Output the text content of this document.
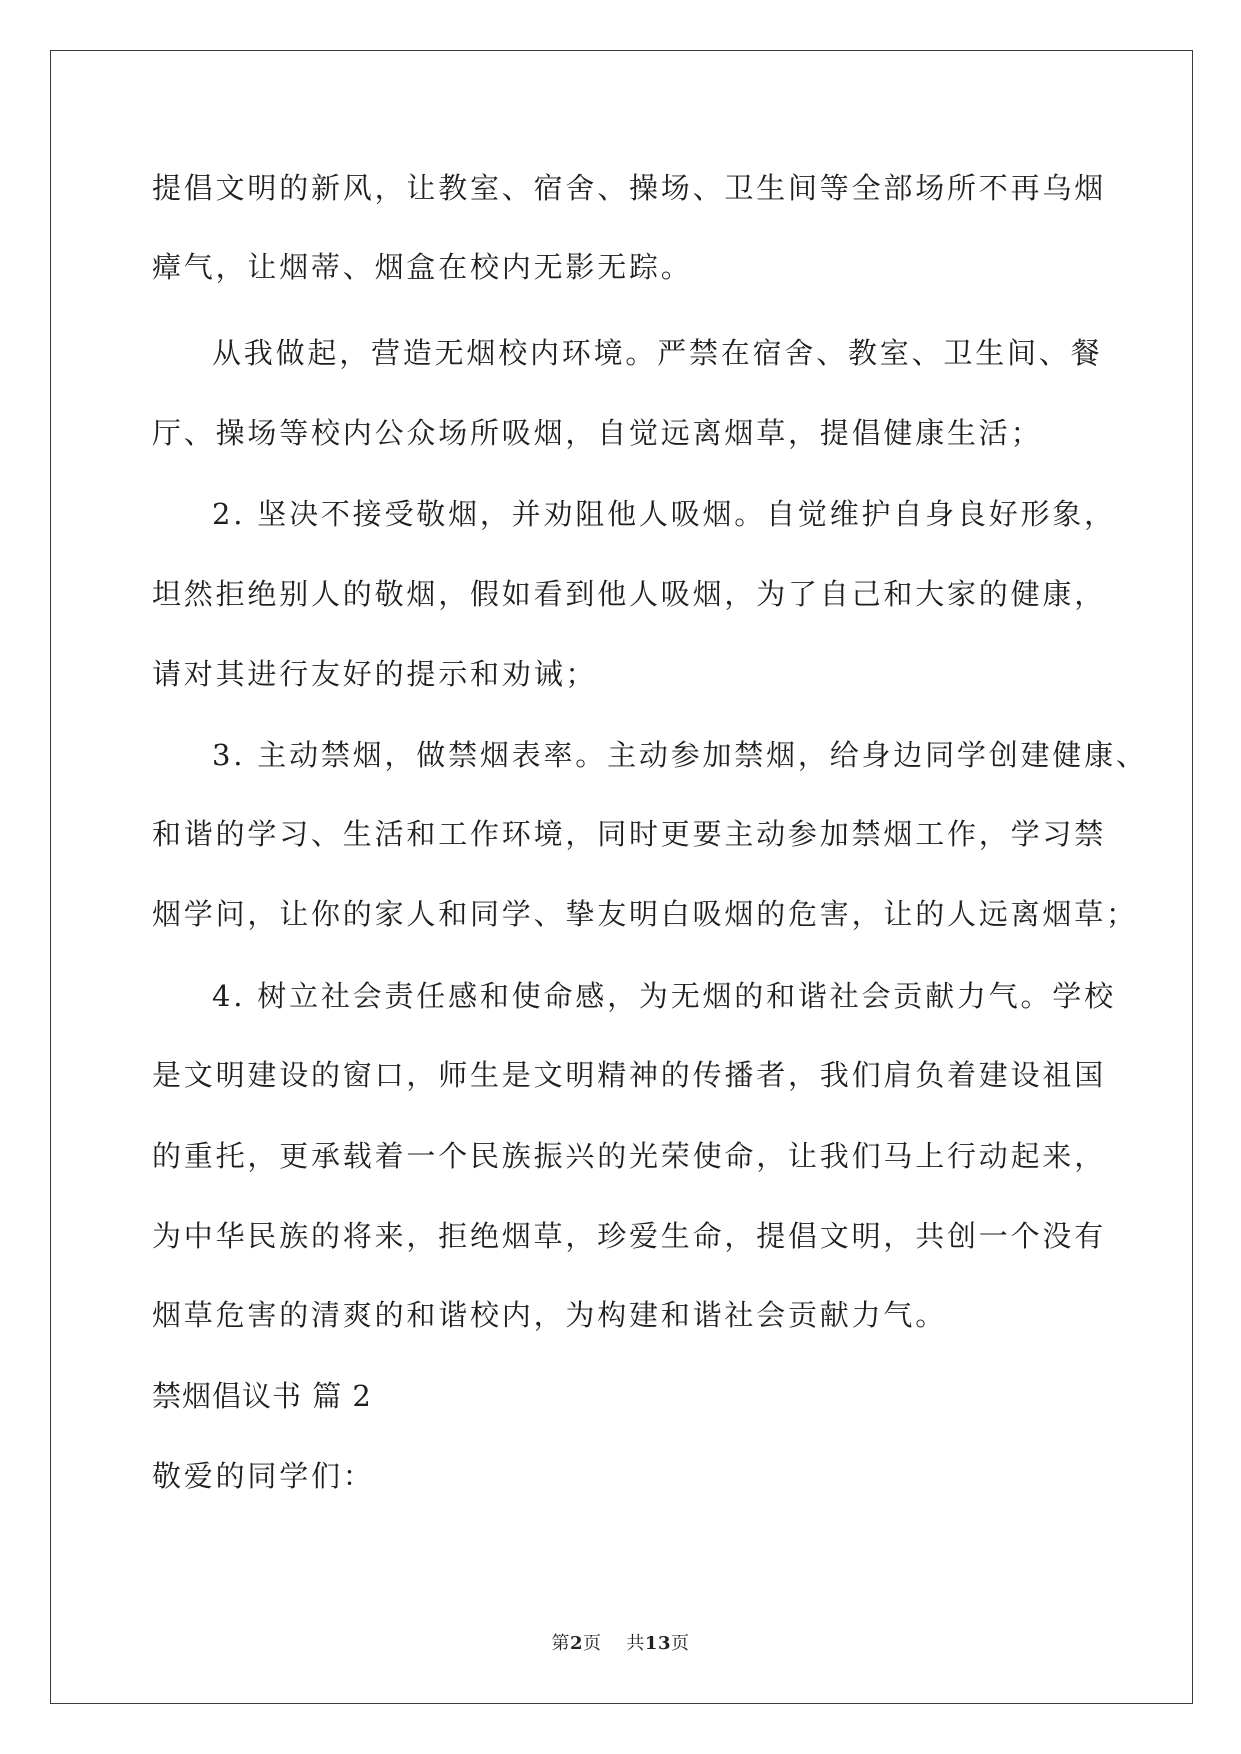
提倡文明的新风，让教室、宿舍、操场、卫生间等全部场所不再乌烟
瘴气，让烟蒂、烟盒在校内无影无踪。
从我做起，营造无烟校内环境。严禁在宿舍、教室、卫生间、餐
厅、操场等校内公众场所吸烟，自觉远离烟草，提倡健康生活；
2. 坚决不接受敬烟，并劝阻他人吸烟。自觉维护自身良好形象，
坦然拒绝别人的敬烟，假如看到他人吸烟，为了自己和大家的健康，
请对其进行友好的提示和劝诫；
3. 主动禁烟，做禁烟表率。主动参加禁烟，给身边同学创建健康、
和谐的学习、生活和工作环境，同时更要主动参加禁烟工作，学习禁
烟学问，让你的家人和同学、挚友明白吸烟的危害，让的人远离烟草；
4. 树立社会责任感和使命感，为无烟的和谐社会贡献力气。学校
是文明建设的窗口，师生是文明精神的传播者，我们肩负着建设祖国
的重托，更承载着一个民族振兴的光荣使命，让我们马上行动起来，
为中华民族的将来，拒绝烟草，珍爱生命，提倡文明，共创一个没有
烟草危害的清爽的和谐校内，为构建和谐社会贡献力气。
禁烟倡议书 篇 2
敬爱的同学们：
第2页 共13页
